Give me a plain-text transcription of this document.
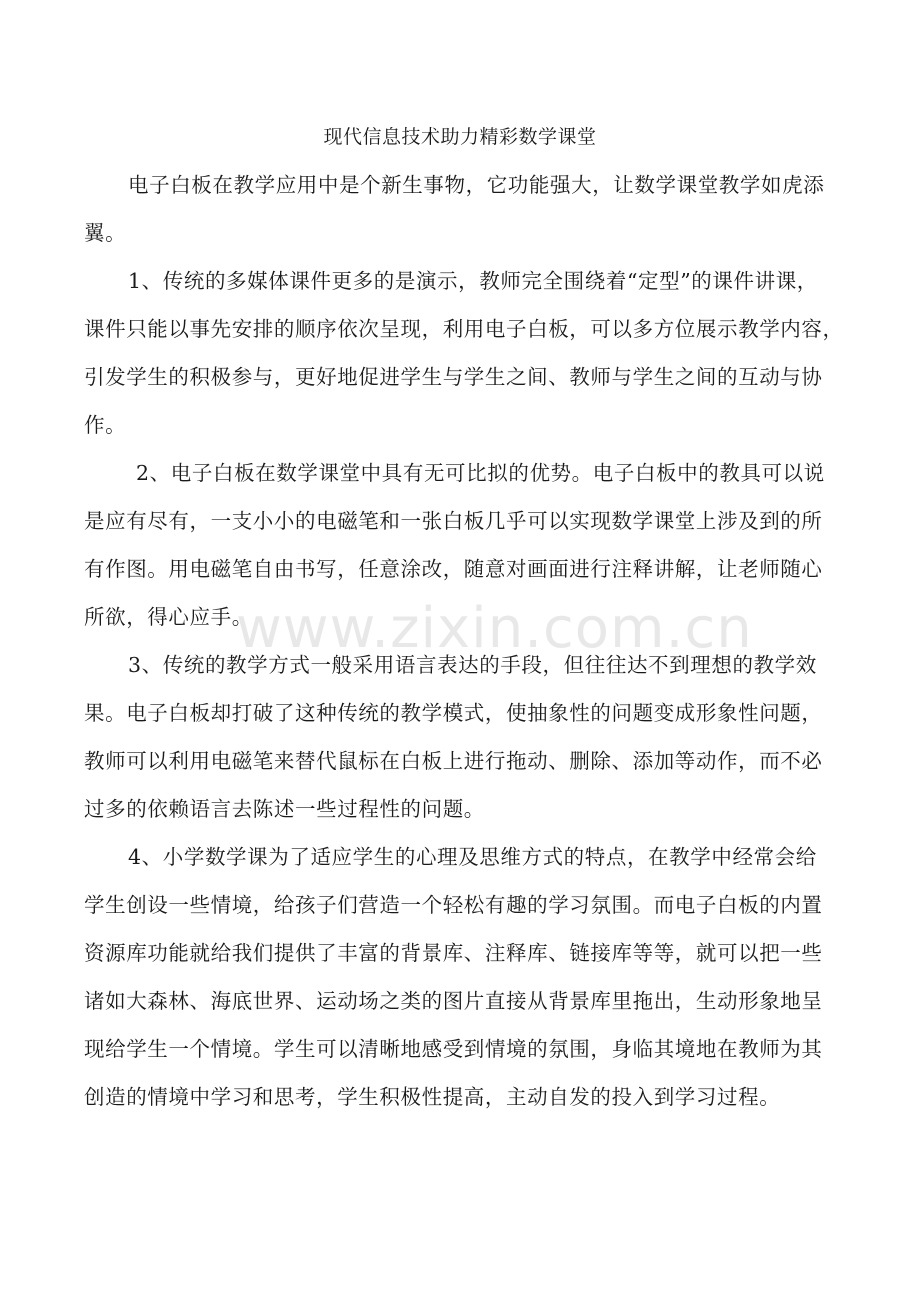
现代信息技术助力精彩数学课堂
电子白板在教学应用中是个新生事物，它功能强大，让数学课堂教学如虎添
翼。
1、传统的多媒体课件更多的是演示，教师完全围绕着“定型”的课件讲课，
课件只能以事先安排的顺序依次呈现，利用电子白板，可以多方位展示教学内容，
引发学生的积极参与，更好地促进学生与学生之间、教师与学生之间的互动与协
作。
2、电子白板在数学课堂中具有无可比拟的优势。电子白板中的教具可以说
是应有尽有，一支小小的电磁笔和一张白板几乎可以实现数学课堂上涉及到的所
有作图。用电磁笔自由书写，任意涂改，随意对画面进行注释讲解，让老师随心
所欲，得心应手。
3、传统的教学方式一般采用语言表达的手段，但往往达不到理想的教学效
果。电子白板却打破了这种传统的教学模式，使抽象性的问题变成形象性问题，
教师可以利用电磁笔来替代鼠标在白板上进行拖动、删除、添加等动作，而不必
过多的依赖语言去陈述一些过程性的问题。
4、小学数学课为了适应学生的心理及思维方式的特点，在教学中经常会给
学生创设一些情境，给孩子们营造一个轻松有趣的学习氛围。而电子白板的内置
资源库功能就给我们提供了丰富的背景库、注释库、链接库等等，就可以把一些
诸如大森林、海底世界、运动场之类的图片直接从背景库里拖出，生动形象地呈
现给学生一个情境。学生可以清晰地感受到情境的氛围，身临其境地在教师为其
创造的情境中学习和思考，学生积极性提高，主动自发的投入到学习过程。
www.zixin.com.cn
